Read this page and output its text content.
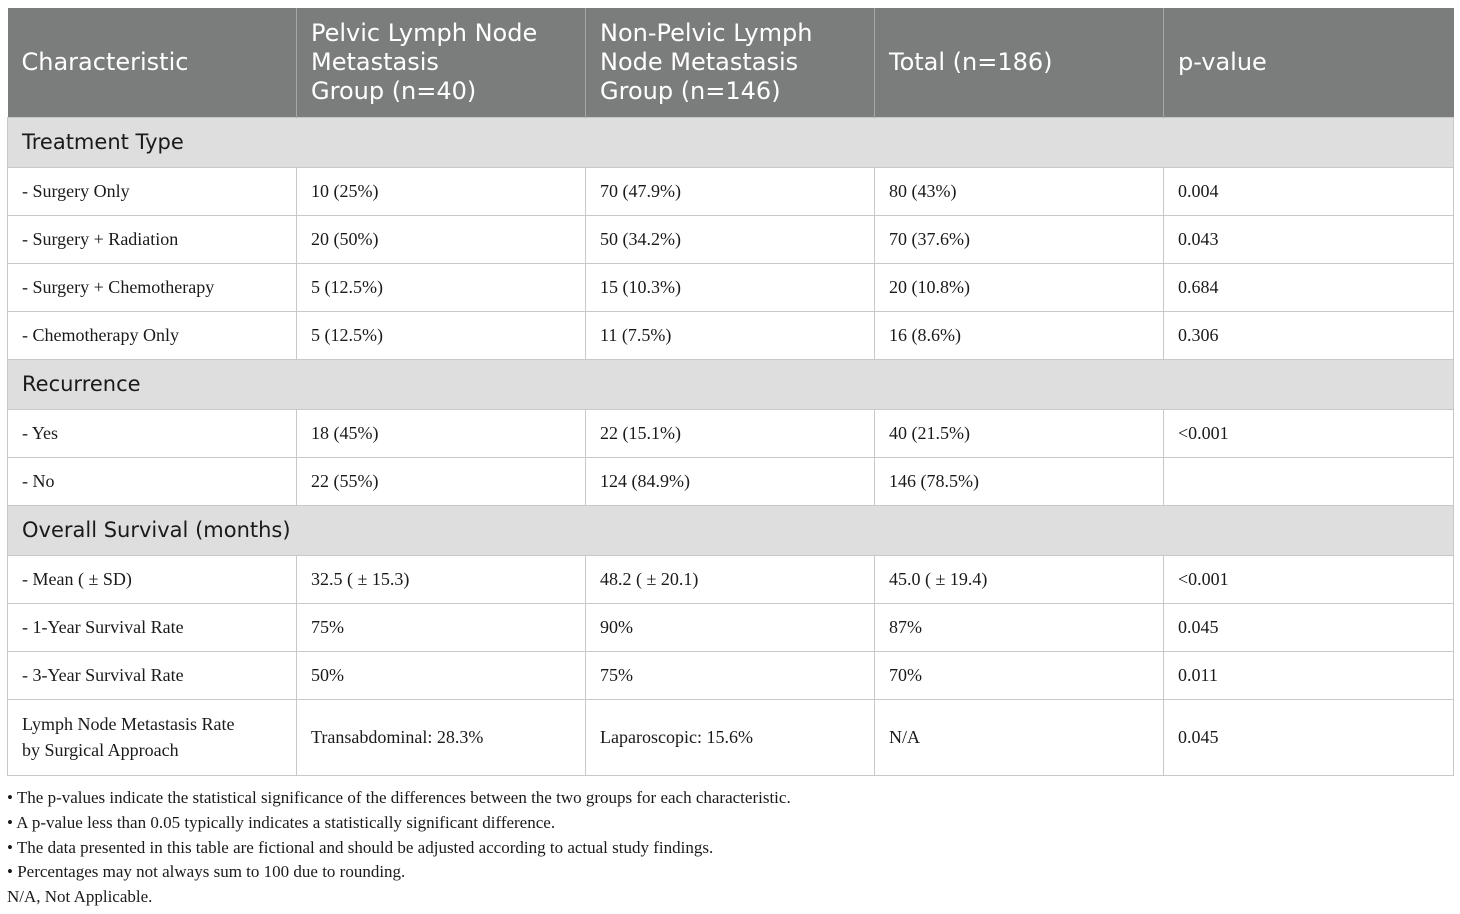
Characteristic	Pelvic Lymph Node
Metastasis
Group (n=40)	Non-Pelvic Lymph
Node Metastasis
Group (n=146)	Total (n=186)	p-value
Treatment Type				
- Surgery Only	10 (25%)	70 (47.9%)	80 (43%)	0.004
- Surgery + Radiation	20 (50%)	50 (34.2%)	70 (37.6%)	0.043
- Surgery + Chemotherapy	5 (12.5%)	15 (10.3%)	20 (10.8%)	0.684
- Chemotherapy Only	5 (12.5%)	11 (7.5%)	16 (8.6%)	0.306
Recurrence				
- Yes	18 (45%)	22 (15.1%)	40 (21.5%)	<0.001
- No	22 (55%)	124 (84.9%)	146 (78.5%)	
Overall Survival (months)				
- Mean ( ± SD)	32.5 ( ± 15.3)	48.2 ( ± 20.1)	45.0 ( ± 19.4)	<0.001
- 1-Year Survival Rate	75%	90%	87%	0.045
- 3-Year Survival Rate	50%	75%	70%	0.011
Lymph Node Metastasis Rate
by Surgical Approach	Transabdominal: 28.3%	Laparoscopic: 15.6%	N/A	0.045
• The p-values indicate the statistical significance of the differences between the two groups for each characteristic.
• A p-value less than 0.05 typically indicates a statistically significant difference.
• The data presented in this table are fictional and should be adjusted according to actual study findings.
• Percentages may not always sum to 100 due to rounding.
N/A, Not Applicable.
